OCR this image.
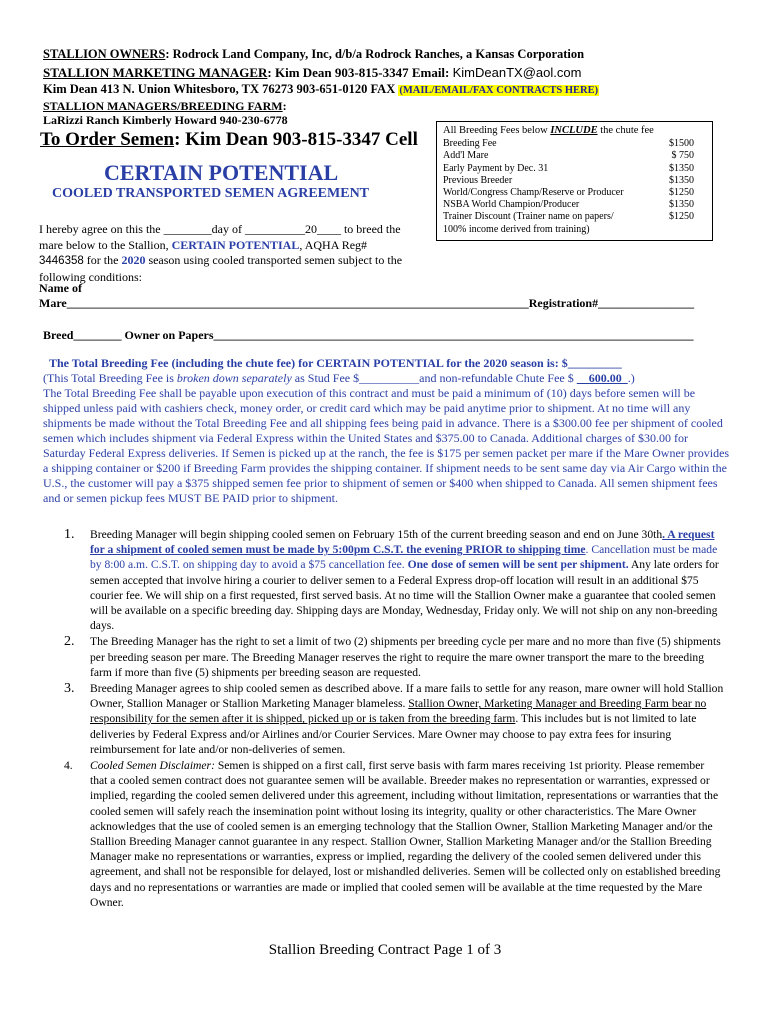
STALLION OWNERS: Rodrock Land Company, Inc, d/b/a Rodrock Ranches, a Kansas Corporation
STALLION MARKETING MANAGER: Kim Dean 903-815-3347 Email: KimDeanTX@aol.com
Kim Dean 413 N. Union Whitesboro, TX 76273 903-651-0120 FAX (MAIL/EMAIL/FAX CONTRACTS HERE)
STALLION MANAGERS/BREEDING FARM:
LaRizzi Ranch Kimberly Howard 940-230-6778
To Order Semen: Kim Dean 903-815-3347 Cell All Breeding Fees below INCLUDE the chute fee
Breeding Fee	$1500
Add'l Mare	$ 750
Early Payment by Dec. 31	$1350
Previous Breeder	$1350
World/Congress Champ/Reserve or Producer	$1250
NSBA World Champion/Producer	$1350
Trainer Discount (Trainer name on papers/	$1250
100% income derived from training)
CERTAIN POTENTIAL
COOLED TRANSPORTED SEMEN AGREEMENT
I hereby agree on this the ________day of __________20____ to breed the mare below to the Stallion, CERTAIN POTENTIAL, AQHA Reg# 3446358 for the 2020 season using cooled transported semen subject to the following conditions:
Name of
Mare_____________________________________________________________________________Registration#________________
Breed________ Owner on Papers________________________________________________________________________________
The Total Breeding Fee (including the chute fee) for CERTAIN POTENTIAL for the 2020 season is: $_________
(This Total Breeding Fee is broken down separately as Stud Fee $__________and non-refundable Chute Fee $     600.00  .)
The Total Breeding Fee shall be payable upon execution of this contract and must be paid a minimum of (10) days before semen will be shipped unless paid with cashiers check, money order, or credit card which may be paid anytime prior to shipment. At no time will any shipments be made without the Total Breeding Fee and all shipping fees being paid in advance. There is a $300.00 fee per shipment of cooled semen which includes shipment via Federal Express within the United States and $375.00 to Canada. Additional charges of $30.00 for Saturday Federal Express deliveries. If Semen is picked up at the ranch, the fee is $175 per semen packet per mare if the Mare Owner provides a shipping container or $200 if Breeding Farm provides the shipping container. If shipment needs to be sent same day via Air Cargo within the U.S., the customer will pay a $375 shipped semen fee prior to shipment of semen or $400 when shipped to Canada. All semen shipment fees and or semen pickup fees MUST BE PAID prior to shipment.
1. Breeding Manager will begin shipping cooled semen on February 15th of the current breeding season and end on June 30th. A request for a shipment of cooled semen must be made by 5:00pm C.S.T. the evening PRIOR to shipping time. Cancellation must be made by 8:00 a.m. C.S.T. on shipping day to avoid a $75 cancellation fee. One dose of semen will be sent per shipment. Any late orders for semen accepted that involve hiring a courier to deliver semen to a Federal Express drop-off location will result in an additional $75 courier fee. We will ship on a first requested, first served basis. At no time will the Stallion Owner make a guarantee that cooled semen will be available on a specific breeding day. Shipping days are Monday, Wednesday, Friday only. We will not ship on any non-breeding days.
2. The Breeding Manager has the right to set a limit of two (2) shipments per breeding cycle per mare and no more than five (5) shipments per breeding season per mare. The Breeding Manager reserves the right to require the mare owner transport the mare to the breeding farm if more than five (5) shipments per breeding season are requested.
3. Breeding Manager agrees to ship cooled semen as described above. If a mare fails to settle for any reason, mare owner will hold Stallion Owner, Stallion Manager or Stallion Marketing Manager blameless. Stallion Owner, Marketing Manager and Breeding Farm bear no responsibility for the semen after it is shipped, picked up or is taken from the breeding farm. This includes but is not limited to late deliveries by Federal Express and/or Airlines and/or Courier Services. Mare Owner may choose to pay extra fees for insuring reimbursement for late and/or non-deliveries of semen.
4. Cooled Semen Disclaimer: Semen is shipped on a first call, first serve basis with farm mares receiving 1st priority. Please remember that a cooled semen contract does not guarantee semen will be available. Breeder makes no representation or warranties, expressed or implied, regarding the cooled semen delivered under this agreement, including without limitation, representations or warranties that the cooled semen will safely reach the insemination point without losing its integrity, quality or other characteristics. The Mare Owner acknowledges that the use of cooled semen is an emerging technology that the Stallion Owner, Stallion Marketing Manager and/or the Stallion Breeding Manager cannot guarantee in any respect. Stallion Owner, Stallion Marketing Manager and/or the Stallion Breeding Manager make no representations or warranties, express or implied, regarding the delivery of the cooled semen delivered under this agreement, and shall not be responsible for delayed, lost or mishandled deliveries. Semen will be collected only on established breeding days and no representations or warranties are made or implied that cooled semen will be available at the time requested by the Mare Owner.
Stallion Breeding Contract Page 1 of 3
